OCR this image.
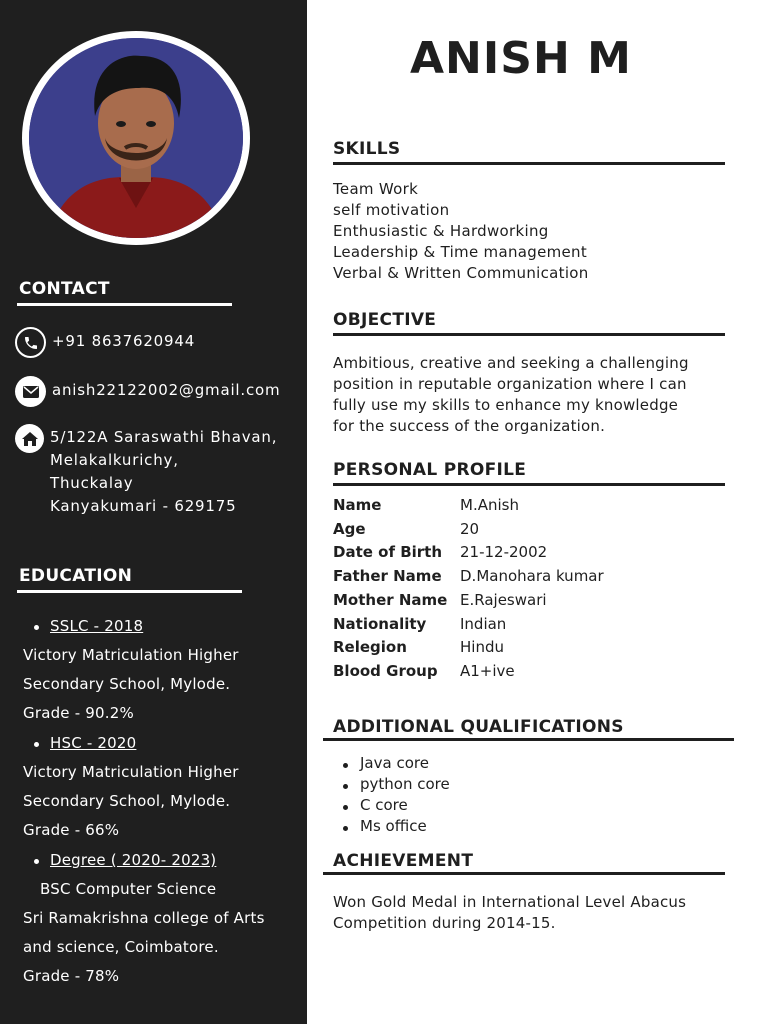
CONTACT
+91 8637620944
anish22122002@gmail.com
5/122A Saraswathi Bhavan,
Melakalkurichy,
Thuckalay
Kanyakumari - 629175
EDUCATION
SSLC - 2018
Victory Matriculation Higher
Secondary School, Mylode.
Grade - 90.2%
HSC - 2020
Victory Matriculation Higher
Secondary School, Mylode.
Grade - 66%
Degree ( 2020- 2023)
BSC Computer Science
Sri Ramakrishna college of Arts
and science, Coimbatore.
Grade - 78%
ANISH M
SKILLS
Team Work
self motivation
Enthusiastic & Hardworking
Leadership & Time management
Verbal & Written Communication
OBJECTIVE
Ambitious, creative and seeking a challenging
position in reputable organization where I can
fully use my skills to enhance my knowledge
for the success of the organization.
PERSONAL PROFILE
Name	M.Anish
Age	20
Date of Birth 21-12-2002
Father Name D.Manohara kumar
Mother Name E.Rajeswari
Nationality Indian
Relegion	Hindu
Blood Group A1+ive
ADDITIONAL QUALIFICATIONS
Java core
python core
C core
Ms office
ACHIEVEMENT
Won Gold Medal in International Level Abacus
Competition during 2014-15.
